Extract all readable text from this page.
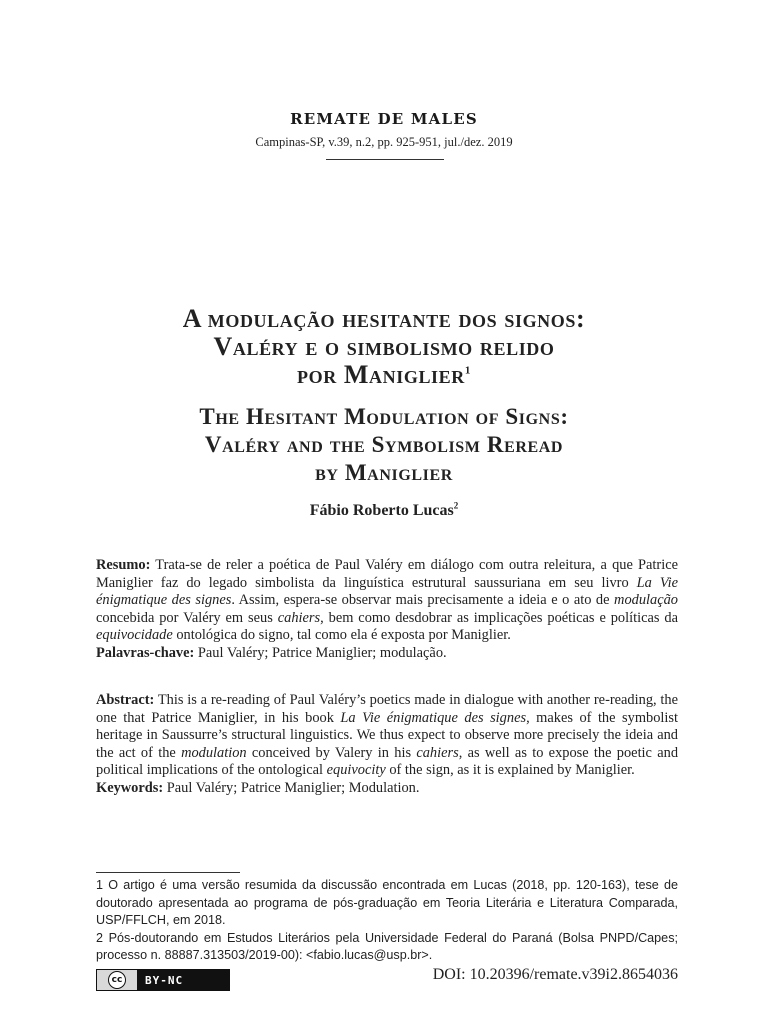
REMATE DE MALES
Campinas-SP, v.39, n.2, pp. 925-951, jul./dez. 2019
A modulação hesitante dos signos:
Valéry e o simbolismo relido
por Maniglier$^1$
The Hesitant Modulation of Signs:
Valéry and the Symbolism Reread
by Maniglier
Fábio Roberto Lucas$^2$
Resumo: Trata-se de reler a poética de Paul Valéry em diálogo com outra releitura, a que Patrice Maniglier faz do legado simbolista da linguística estrutural saussuriana em seu livro La Vie énigmatique des signes. Assim, espera-se observar mais precisamente a ideia e o ato de modulação concebida por Valéry em seus cahiers, bem como desdobrar as implicações poéticas e políticas da equivocidade ontológica do signo, tal como ela é exposta por Maniglier.
Palavras-chave: Paul Valéry; Patrice Maniglier; modulação.
Abstract: This is a re-reading of Paul Valéry’s poetics made in dialogue with another re-reading, the one that Patrice Maniglier, in his book La Vie énigmatique des signes, makes of the symbolist heritage in Saussurre’s structural linguistics. We thus expect to observe more precisely the ideia and the act of the modulation conceived by Valery in his cahiers, as well as to expose the poetic and political implications of the ontological equivocity of the sign, as it is explained by Maniglier.
Keywords: Paul Valéry; Patrice Maniglier; Modulation.

1 O artigo é uma versão resumida da discussão encontrada em Lucas (2018, pp. 120-163), tese de doutorado apresentada ao programa de pós-graduação em Teoria Literária e Literatura Comparada, USP/FFLCH, em 2018.

2 Pós-doutorando em Estudos Literários pela Universidade Federal do Paraná (Bolsa PNPD/Capes; processo n. 88887.313503/2019-00): <fabio.lucas@usp.br>.

cc	BY-NC	DOI: 10.20396/remate.v39i2.8654036
